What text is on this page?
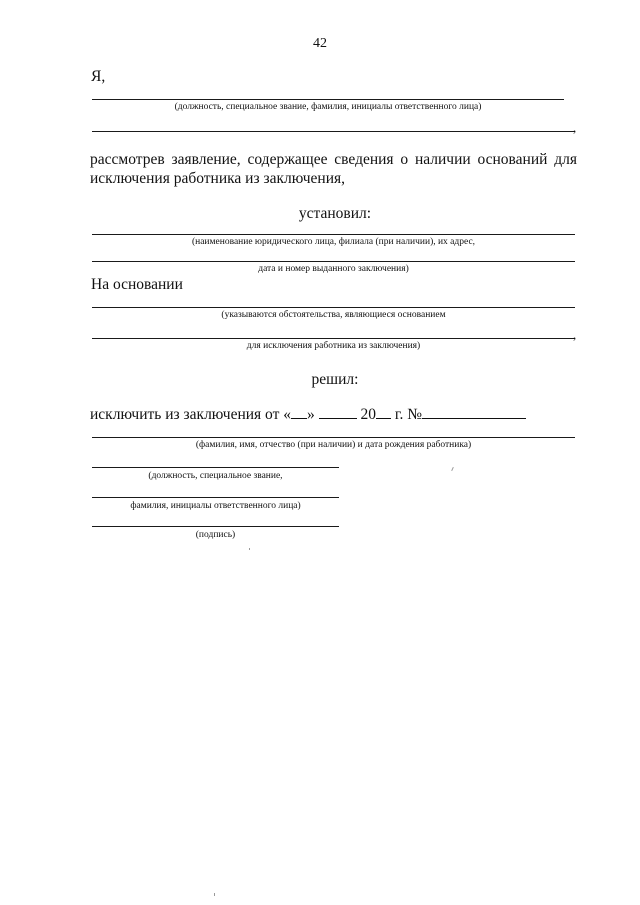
42
Я,
(должность, специальное звание, фамилия, инициалы ответственного лица)
,
рассмотрев заявление, содержащее сведения о наличии оснований для
исключения работника из заключения,
установил:
(наименование юридического лица, филиала (при наличии), их адрес,
дата и номер выданного заключения)
На основании
(указываются обстоятельства, являющиеся основанием
,
для исключения работника из заключения)
решил:
исключить из заключения от « »	20 г. №
(фамилия, имя, отчество (при наличии) и дата рождения работника)
(должность, специальное звание,
фамилия, инициалы ответственного лица)
(подпись)
